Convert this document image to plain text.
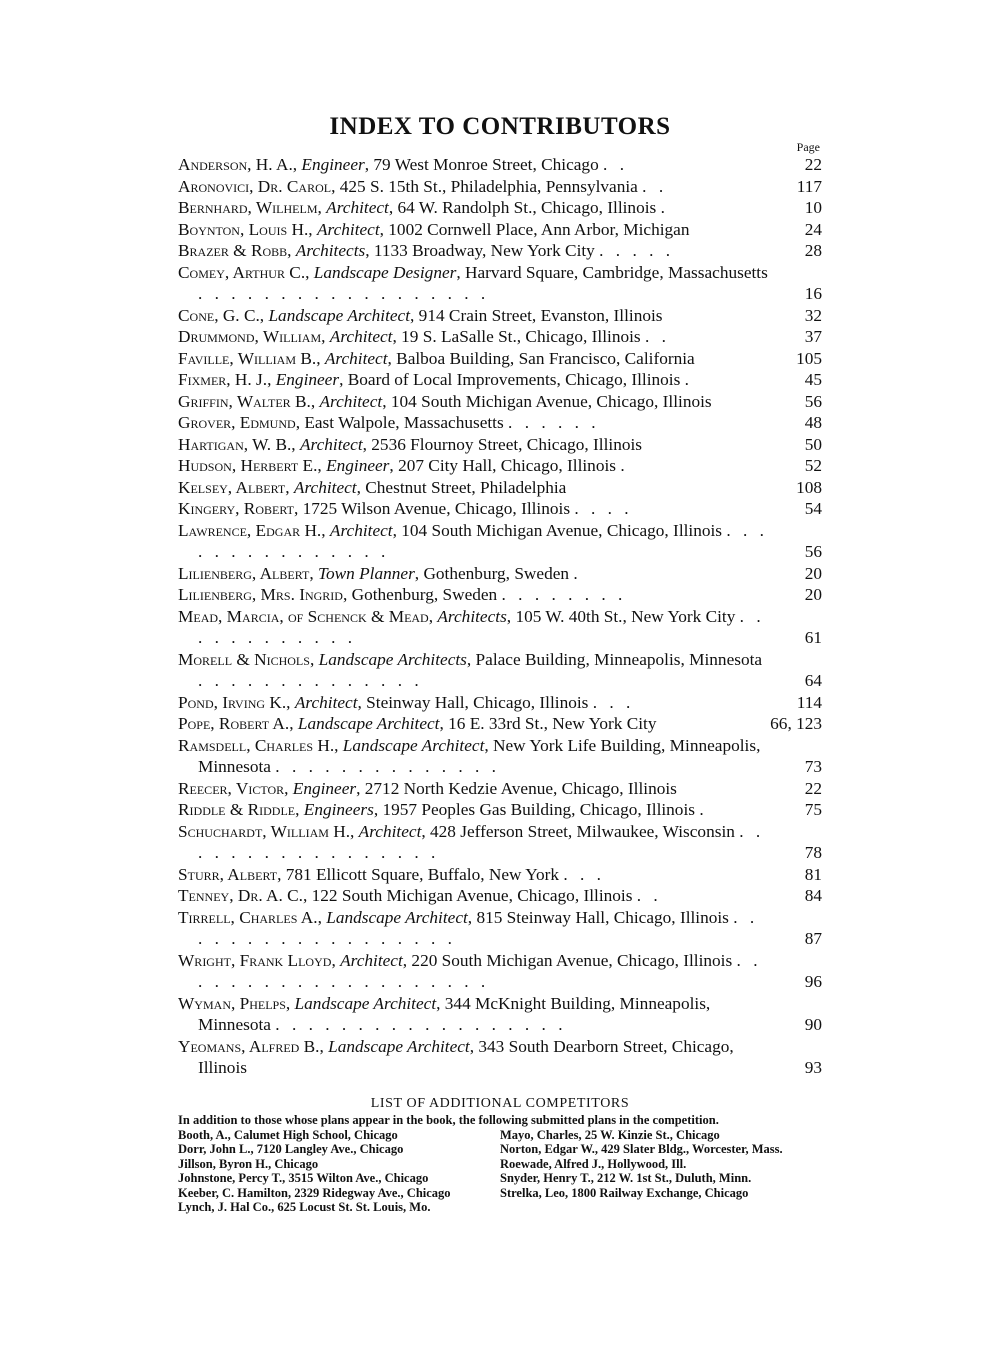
INDEX TO CONTRIBUTORS
Page
Anderson, H. A., Engineer, 79 West Monroe Street, Chicago . .	22
Aronovici, Dr. Carol, 425 S. 15th St., Philadelphia, Pennsylvania . .	117
Bernhard, Wilhelm, Architect, 64 W. Randolph St., Chicago, Illinois .	10
Boynton, Louis H., Architect, 1002 Cornwell Place, Ann Arbor, Michigan	24
Brazer & Robb, Architects, 1133 Broadway, New York City . . . . .	28
Comey, Arthur C., Landscape Designer, Harvard Square, Cambridge, Massachusetts . . . . . . . . . . . . . . . . . .	16
Cone, G. C., Landscape Architect, 914 Crain Street, Evanston, Illinois	32
Drummond, William, Architect, 19 S. LaSalle St., Chicago, Illinois . .	37
Faville, William B., Architect, Balboa Building, San Francisco, California	105
Fixmer, H. J., Engineer, Board of Local Improvements, Chicago, Illinois .	45
Griffin, Walter B., Architect, 104 South Michigan Avenue, Chicago, Illinois	56
Grover, Edmund, East Walpole, Massachusetts . . . . . .	48
Hartigan, W. B., Architect, 2536 Flournoy Street, Chicago, Illinois	50
Hudson, Herbert E., Engineer, 207 City Hall, Chicago, Illinois .	52
Kelsey, Albert, Architect, Chestnut Street, Philadelphia	108
Kingery, Robert, 1725 Wilson Avenue, Chicago, Illinois . . . .	54
Lawrence, Edgar H., Architect, 104 South Michigan Avenue, Chicago, Illinois . . . . . . . . . . . . . . .	56
Lilienberg, Albert, Town Planner, Gothenburg, Sweden .	20
Lilienberg, Mrs. Ingrid, Gothenburg, Sweden . . . . . . . .	20
Mead, Marcia, of Schenck & Mead, Architects, 105 W. 40th St., New York City . . . . . . . . . . . .	61
Morell & Nichols, Landscape Architects, Palace Building, Minneapolis, Minnesota . . . . . . . . . . . . . .	64
Pond, Irving K., Architect, Steinway Hall, Chicago, Illinois . . .	114
Pope, Robert A., Landscape Architect, 16 E. 33rd St., New York City	66, 123
Ramsdell, Charles H., Landscape Architect, New York Life Building, Minneapolis, Minnesota . . . . . . . . . . . . . .	73
Reecer, Victor, Engineer, 2712 North Kedzie Avenue, Chicago, Illinois	22
Riddle & Riddle, Engineers, 1957 Peoples Gas Building, Chicago, Illinois .	75
Schuchardt, William H., Architect, 428 Jefferson Street, Milwaukee, Wisconsin . . . . . . . . . . . . . . . . .	78
Sturr, Albert, 781 Ellicott Square, Buffalo, New York . . .	81
Tenney, Dr. A. C., 122 South Michigan Avenue, Chicago, Illinois . .	84
Tirrell, Charles A., Landscape Architect, 815 Steinway Hall, Chicago, Illinois . . . . . . . . . . . . . . . . . .	87
Wright, Frank Lloyd, Architect, 220 South Michigan Avenue, Chicago, Illinois . . . . . . . . . . . . . . . . . . . .	96
Wyman, Phelps, Landscape Architect, 344 McKnight Building, Minneapolis, Minnesota . . . . . . . . . . . . . . . . . .	90
Yeomans, Alfred B., Landscape Architect, 343 South Dearborn Street, Chicago, Illinois	93
LIST OF ADDITIONAL COMPETITORS
In addition to those whose plans appear in the book, the following submitted plans in the competition.
Booth, A., Calumet High School, Chicago	Mayo, Charles, 25 W. Kinzie St., Chicago
Dorr, John L., 7120 Langley Ave., Chicago	Norton, Edgar W., 429 Slater Bldg., Worcester, Mass.
Jillson, Byron H., Chicago	Roewade, Alfred J., Hollywood, Ill.
Johnstone, Percy T., 3515 Wilton Ave., Chicago	Snyder, Henry T., 212 W. 1st St., Duluth, Minn.
Keeber, C. Hamilton, 2329 Ridegway Ave., Chicago	Strelka, Leo, 1800 Railway Exchange, Chicago
Lynch, J. Hal Co., 625 Locust St. St. Louis, Mo.
